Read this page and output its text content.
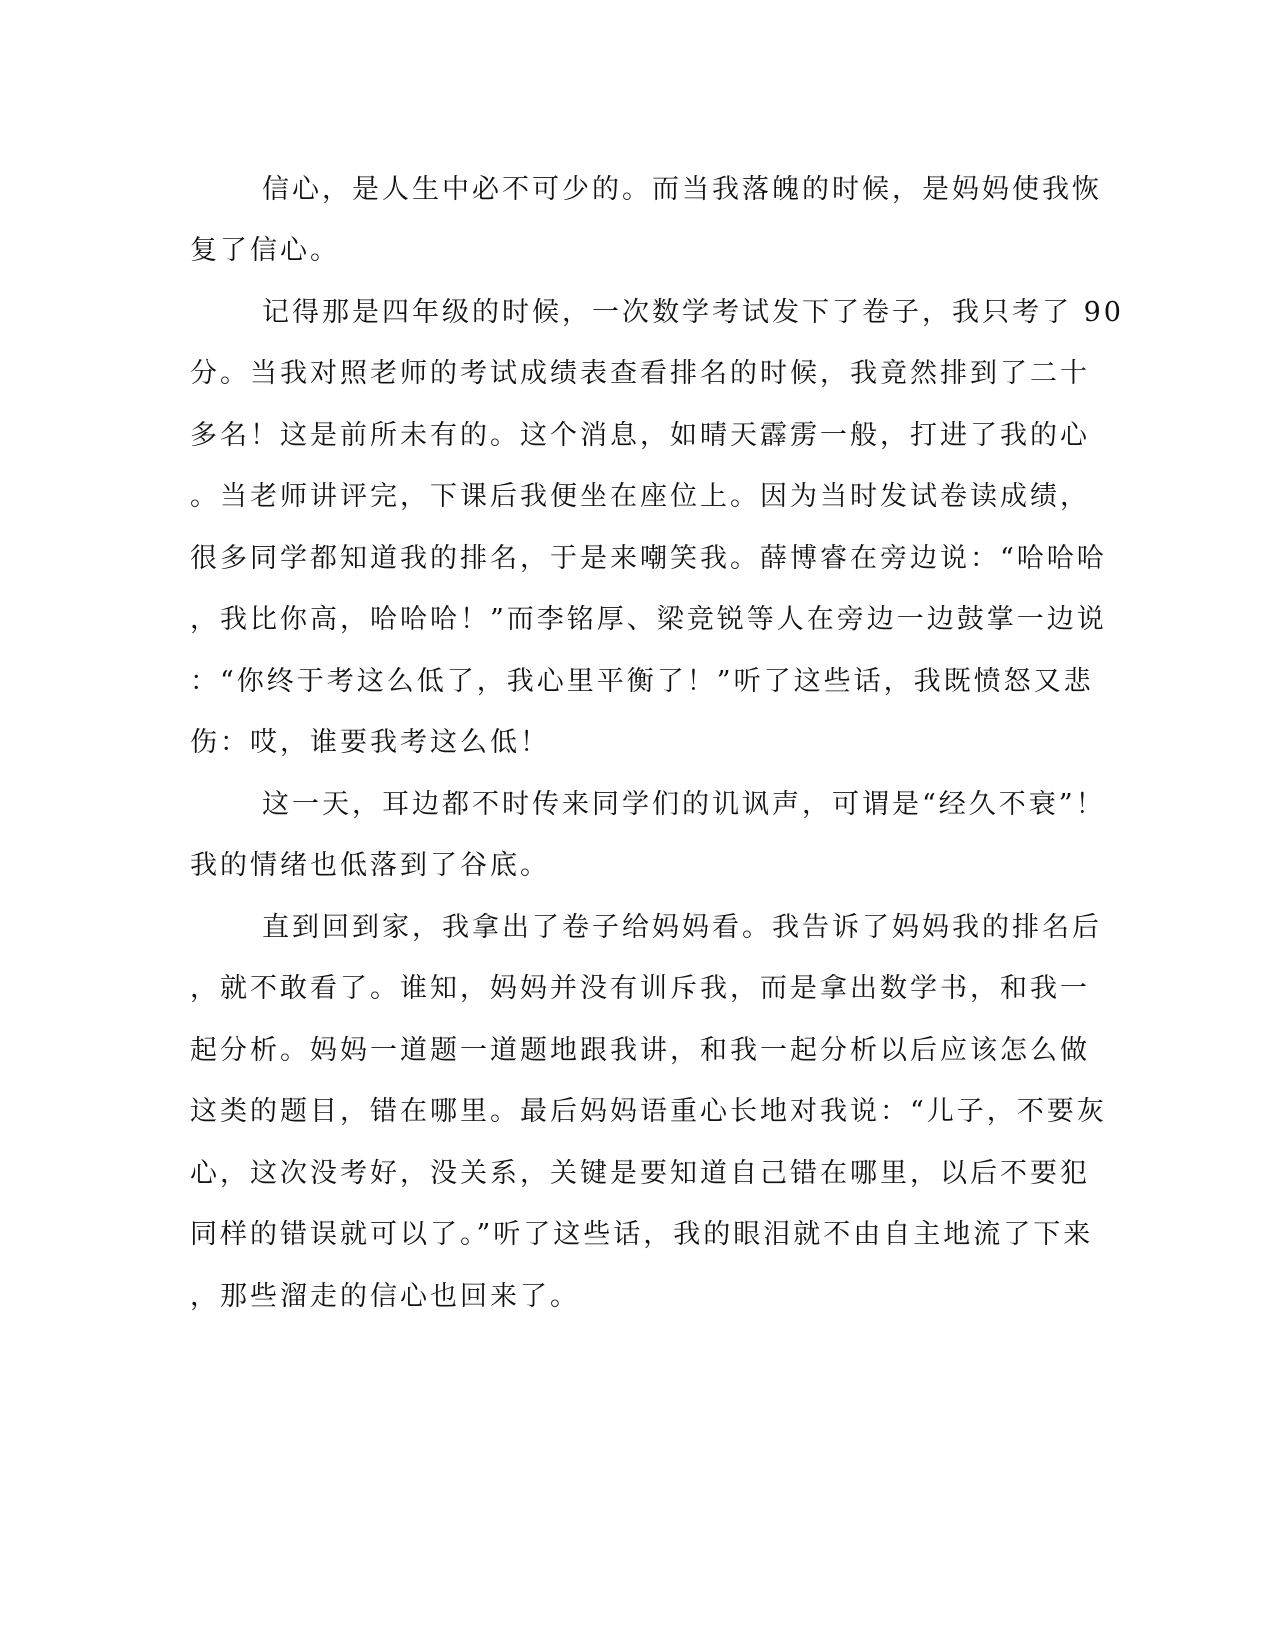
信心，是人生中必不可少的。而当我落魄的时候，是妈妈使我恢
复了信心。
记得那是四年级的时候，一次数学考试发下了卷子，我只考了 90
分。当我对照老师的考试成绩表查看排名的时候，我竟然排到了二十
多名！这是前所未有的。这个消息，如晴天霹雳一般，打进了我的心
。当老师讲评完，下课后我便坐在座位上。因为当时发试卷读成绩，
很多同学都知道我的排名，于是来嘲笑我。薛博睿在旁边说：“哈哈哈
，我比你高，哈哈哈！”而李铭厚、梁竞锐等人在旁边一边鼓掌一边说
：“你终于考这么低了，我心里平衡了！”听了这些话，我既愤怒又悲
伤：哎，谁要我考这么低！
这一天，耳边都不时传来同学们的讥讽声，可谓是“经久不衰”！
我的情绪也低落到了谷底。
直到回到家，我拿出了卷子给妈妈看。我告诉了妈妈我的排名后
，就不敢看了。谁知，妈妈并没有训斥我，而是拿出数学书，和我一
起分析。妈妈一道题一道题地跟我讲，和我一起分析以后应该怎么做
这类的题目，错在哪里。最后妈妈语重心长地对我说：“儿子，不要灰
心，这次没考好，没关系，关键是要知道自己错在哪里，以后不要犯
同样的错误就可以了。”听了这些话，我的眼泪就不由自主地流了下来
，那些溜走的信心也回来了。
